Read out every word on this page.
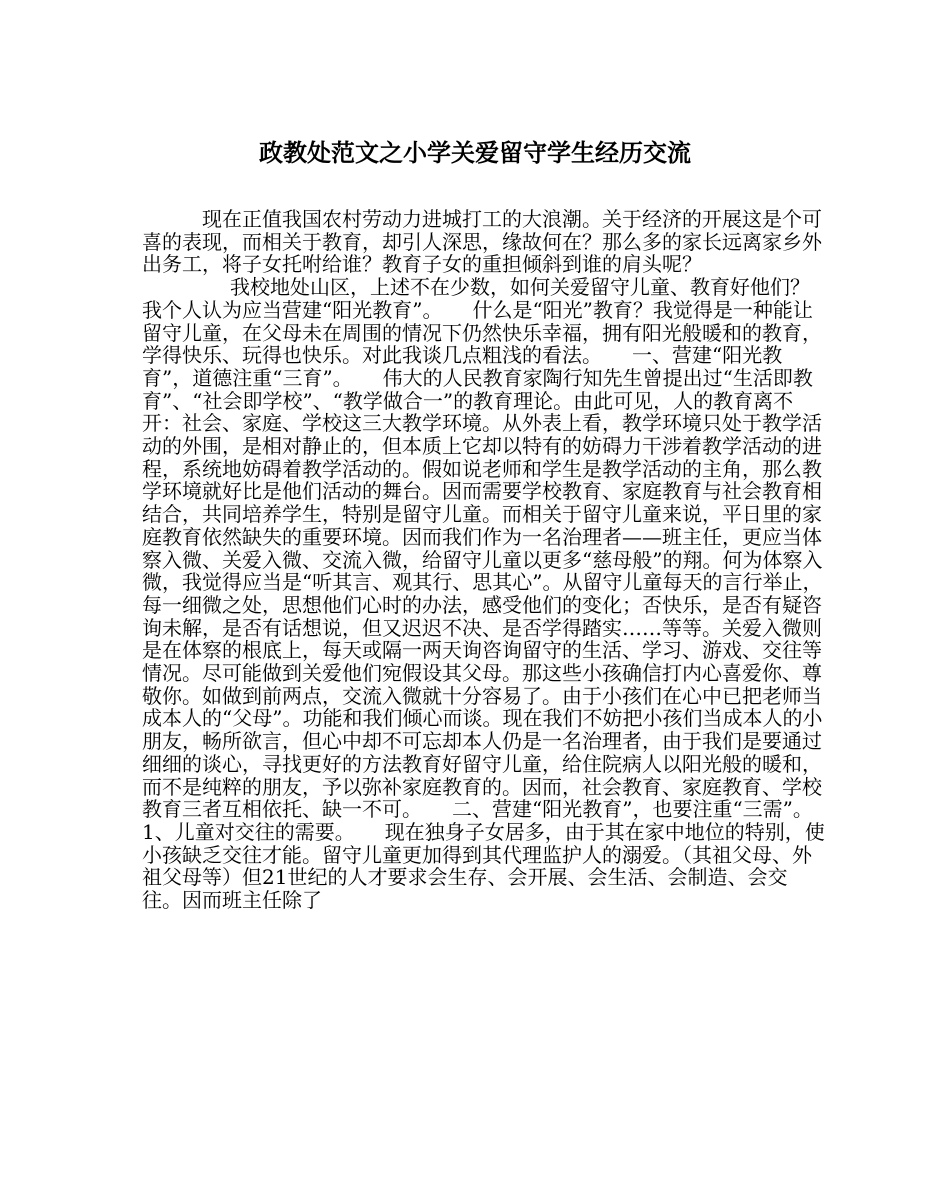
政教处范文之小学关爱留守学生经历交流

现在正值我国农村劳动力进城打工的大浪潮。关于经济的开展这是个可喜的表现，而相关于教育，却引人深思，缘故何在？那么多的家长远离家乡外出务工，将子女托咐给谁？教育子女的重担倾斜到谁的肩头呢？

我校地处山区，上述不在少数，如何关爱留守儿童、教育好他们？我个人认为应当营建“阳光教育”。　　什么是“阳光”教育？我觉得是一种能让留守儿童，在父母未在周围的情况下仍然快乐幸福，拥有阳光般暖和的教育，学得快乐、玩得也快乐。对此我谈几点粗浅的看法。　　一、营建“阳光教育”，道德注重“三育”。　　伟大的人民教育家陶行知先生曾提出过“生活即教育”、“社会即学校”、“教学做合一”的教育理论。由此可见，人的教育离不开：社会、家庭、学校这三大教学环境。从外表上看，教学环境只处于教学活动的外围，是相对静止的，但本质上它却以特有的妨碍力干涉着教学活动的进程，系统地妨碍着教学活动的。假如说老师和学生是教学活动的主角，那么教学环境就好比是他们活动的舞台。因而需要学校教育、家庭教育与社会教育相结合，共同培养学生，特别是留守儿童。而相关于留守儿童来说，平日里的家庭教育依然缺失的重要环境。因而我们作为一名治理者——班主任，更应当体察入微、关爱入微、交流入微，给留守儿童以更多“慈母般”的翔。何为体察入微，我觉得应当是“听其言、观其行、思其心”。从留守儿童每天的言行举止，每一细微之处，思想他们心时的办法，感受他们的变化；否快乐，是否有疑咨询未解，是否有话想说，但又迟迟不决、是否学得踏实……等等。关爱入微则是在体察的根底上，每天或隔一两天询咨询留守的生活、学习、游戏、交往等情况。尽可能做到关爱他们宛假设其父母。那这些小孩确信打内心喜爱你、尊敬你。如做到前两点，交流入微就十分容易了。由于小孩们在心中已把老师当成本人的“父母”。功能和我们倾心而谈。现在我们不妨把小孩们当成本人的小朋友，畅所欲言，但心中却不可忘却本人仍是一名治理者，由于我们是要通过细细的谈心，寻找更好的方法教育好留守儿童，给住院病人以阳光般的暖和，而不是纯粹的朋友，予以弥补家庭教育的。因而，社会教育、家庭教育、学校教育三者互相依托、缺一不可。　　二、营建“阳光教育”，也要注重“三需”。　　1、儿童对交往的需要。　　现在独身子女居多，由于其在家中地位的特别，使小孩缺乏交往才能。留守儿童更加得到其代理监护人的溺爱。（其祖父母、外祖父母等）但21世纪的人才要求会生存、会开展、会生活、会制造、会交往。因而班主任除了
